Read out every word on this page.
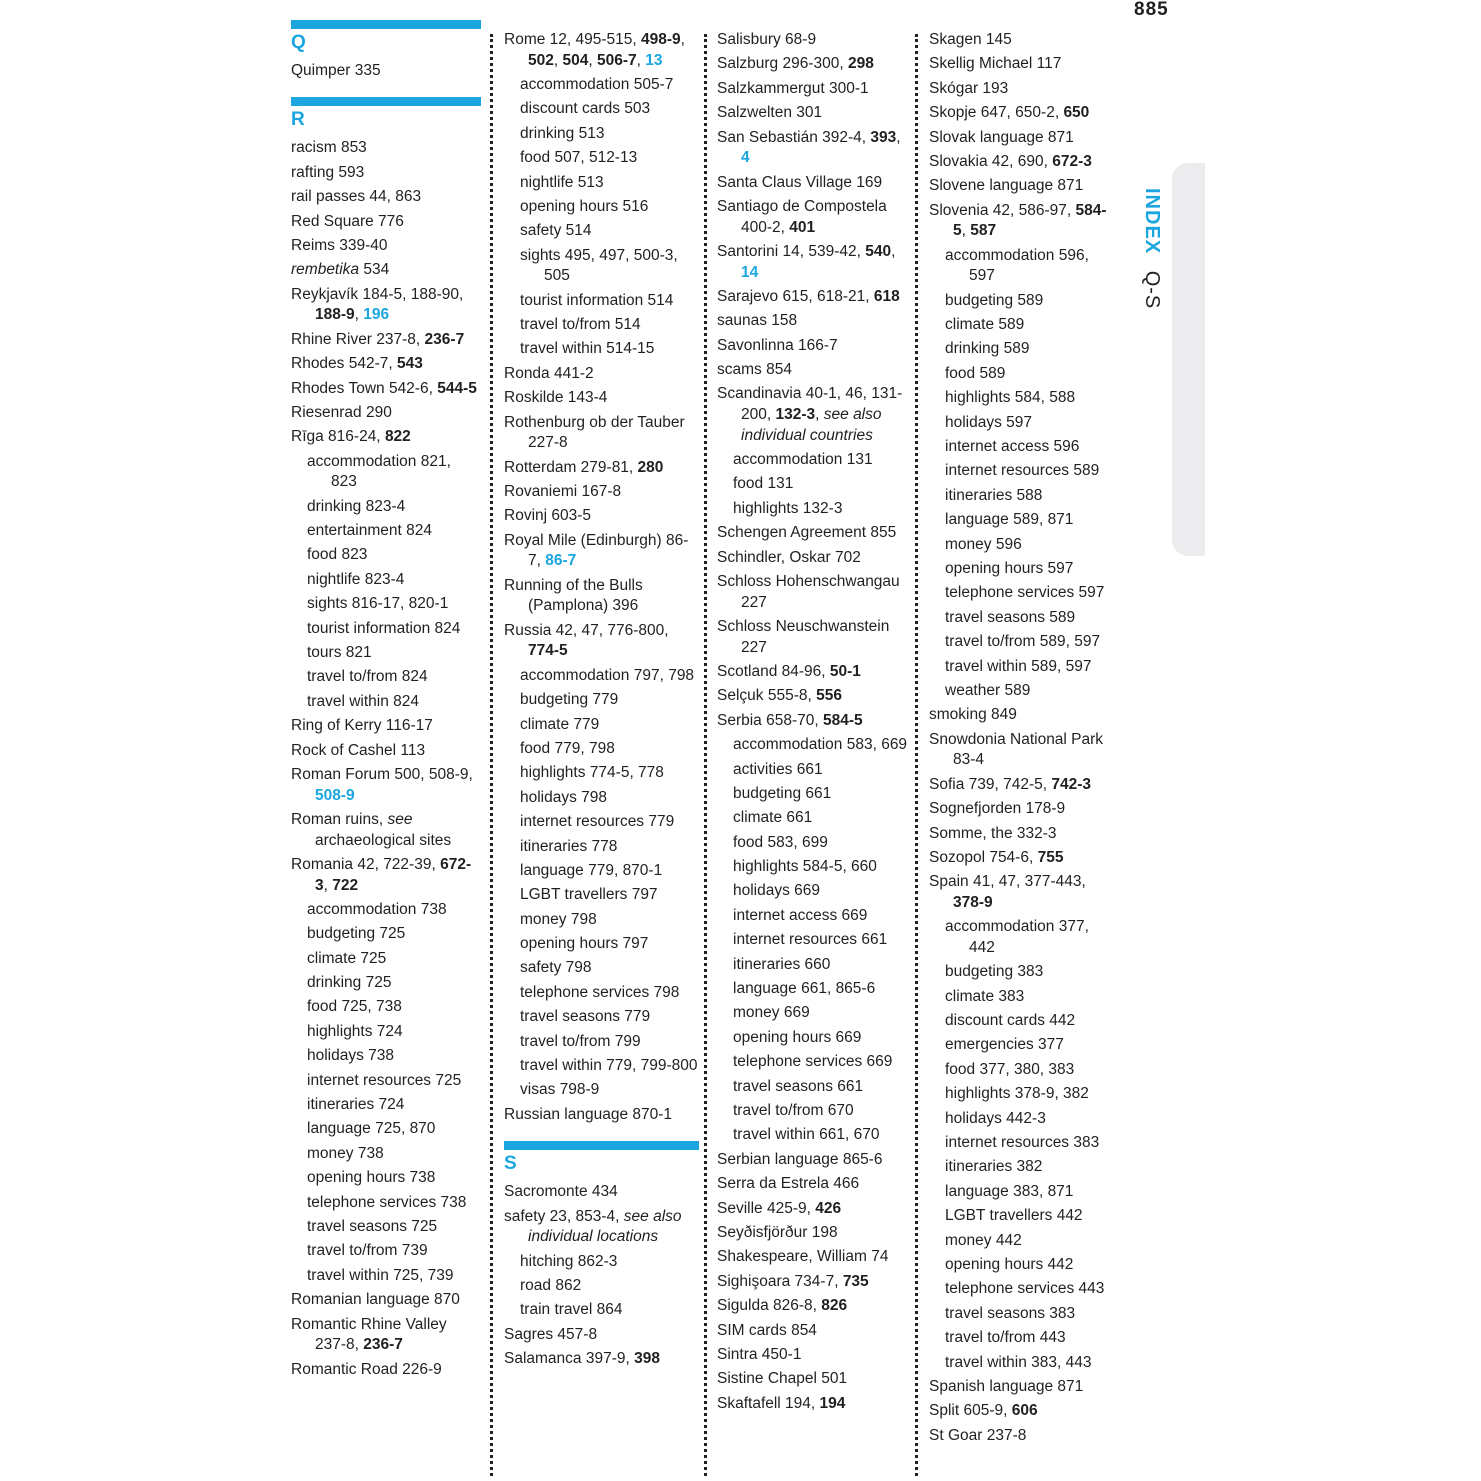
885
Q
Quimper 335
R
racism 853
rafting 593
rail passes 44, 863
Red Square 776
Reims 339-40
rembetika 534
Reykjavík 184-5, 188-90, 188-9, 196
Rhine River 237-8, 236-7
Rhodes 542-7, 543
Rhodes Town 542-6, 544-5
Riesenrad 290
Rīga 816-24, 822
accommodation 821, 823
drinking 823-4
entertainment 824
food 823
nightlife 823-4
sights 816-17, 820-1
tourist information 824
tours 821
travel to/from 824
travel within 824
Ring of Kerry 116-17
Rock of Cashel 113
Roman Forum 500, 508-9, 508-9
Roman ruins, see archaeological sites
Romania 42, 722-39, 672-3, 722
accommodation 738
budgeting 725
climate 725
drinking 725
food 725, 738
highlights 724
holidays 738
internet resources 725
itineraries 724
language 725, 870
money 738
opening hours 738
telephone services 738
travel seasons 725
travel to/from 739
travel within 725, 739
Romanian language 870
Romantic Rhine Valley 237-8, 236-7
Romantic Road 226-9
Rome 12, 495-515, 498-9, 502, 504, 506-7, 13
accommodation 505-7
discount cards 503
drinking 513
food 507, 512-13
nightlife 513
opening hours 516
safety 514
sights 495, 497, 500-3, 505
tourist information 514
travel to/from 514
travel within 514-15
Ronda 441-2
Roskilde 143-4
Rothenburg ob der Tauber 227-8
Rotterdam 279-81, 280
Rovaniemi 167-8
Rovinj 603-5
Royal Mile (Edinburgh) 86-7, 86-7
Running of the Bulls (Pamplona) 396
Russia 42, 47, 776-800, 774-5
accommodation 797, 798
budgeting 779
climate 779
food 779, 798
highlights 774-5, 778
holidays 798
internet resources 779
itineraries 778
language 779, 870-1
LGBT travellers 797
money 798
opening hours 797
safety 798
telephone services 798
travel seasons 779
travel to/from 799
travel within 779, 799-800
visas 798-9
Russian language 870-1
S
Sacromonte 434
safety 23, 853-4, see also individual locations
hitching 862-3
road 862
train travel 864
Sagres 457-8
Salamanca 397-9, 398
Salisbury 68-9
Salzburg 296-300, 298
Salzkammergut 300-1
Salzwelten 301
San Sebastián 392-4, 393, 4
Santa Claus Village 169
Santiago de Compostela 400-2, 401
Santorini 14, 539-42, 540, 14
Sarajevo 615, 618-21, 618
saunas 158
Savonlinna 166-7
scams 854
Scandinavia 40-1, 46, 131-200, 132-3, see also individual countries
accommodation 131
food 131
highlights 132-3
Schengen Agreement 855
Schindler, Oskar 702
Schloss Hohenschwangau 227
Schloss Neuschwanstein 227
Scotland 84-96, 50-1
Selçuk 555-8, 556
Serbia 658-70, 584-5
accommodation 583, 669
activities 661
budgeting 661
climate 661
food 583, 699
highlights 584-5, 660
holidays 669
internet access 669
internet resources 661
itineraries 660
language 661, 865-6
money 669
opening hours 669
telephone services 669
travel seasons 661
travel to/from 670
travel within 661, 670
Serbian language 865-6
Serra da Estrela 466
Seville 425-9, 426
Seyðisfjörður 198
Shakespeare, William 74
Sighişoara 734-7, 735
Sigulda 826-8, 826
SIM cards 854
Sintra 450-1
Sistine Chapel 501
Skaftafell 194, 194
Skagen 145
Skellig Michael 117
Skógar 193
Skopje 647, 650-2, 650
Slovak language 871
Slovakia 42, 690, 672-3
Slovene language 871
Slovenia 42, 586-97, 584-5, 587
accommodation 596, 597
budgeting 589
climate 589
drinking 589
food 589
highlights 584, 588
holidays 597
internet access 596
internet resources 589
itineraries 588
language 589, 871
money 596
opening hours 597
telephone services 597
travel seasons 589
travel to/from 589, 597
travel within 589, 597
weather 589
smoking 849
Snowdonia National Park 83-4
Sofia 739, 742-5, 742-3
Sognefjorden 178-9
Somme, the 332-3
Sozopol 754-6, 755
Spain 41, 47, 377-443, 378-9
accommodation 377, 442
budgeting 383
climate 383
discount cards 442
emergencies 377
food 377, 380, 383
highlights 378-9, 382
holidays 442-3
internet resources 383
itineraries 382
language 383, 871
LGBT travellers 442
money 442
opening hours 442
telephone services 443
travel seasons 383
travel to/from 443
travel within 383, 443
Spanish language 871
Split 605-9, 606
St Goar 237-8
INDEX Q-S
